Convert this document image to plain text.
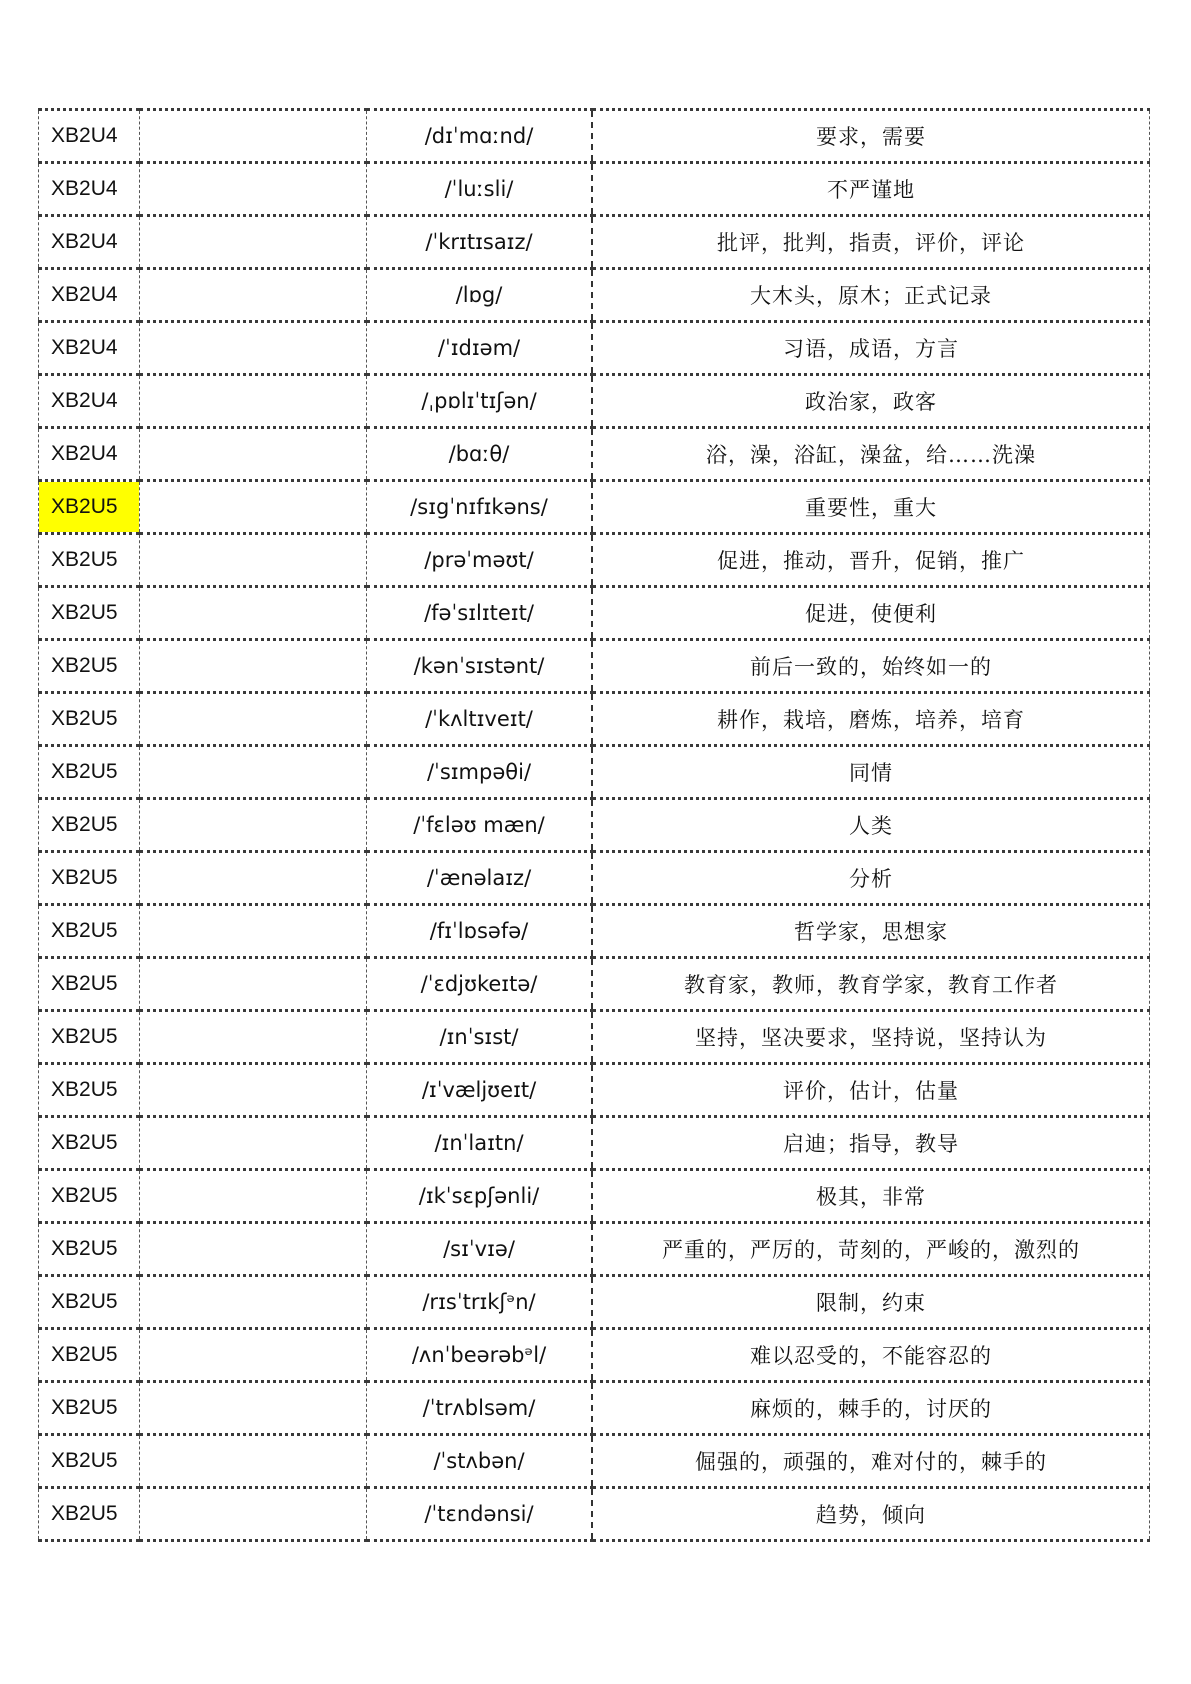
XB2U4		/dɪˈmɑːnd/	要求，需要
XB2U4		/ˈluːsli/	不严谨地
XB2U4		/ˈkrɪtɪsaɪz/	批评，批判，指责，评价，评论
XB2U4		/lɒg/	大木头，原木；正式记录
XB2U4		/ˈɪdɪəm/	习语，成语，方言
XB2U4		/ˌpɒlɪˈtɪʃən/	政治家，政客
XB2U4		/bɑːθ/	浴，澡，浴缸，澡盆，给……洗澡
XB2U5		/sɪgˈnɪfɪkəns/	重要性，重大
XB2U5		/prəˈməʊt/	促进，推动，晋升，促销，推广
XB2U5		/fəˈsɪlɪteɪt/	促进，使便利
XB2U5		/kənˈsɪstənt/	前后一致的，始终如一的
XB2U5		/ˈkʌltɪveɪt/	耕作，栽培，磨炼，培养，培育
XB2U5		/ˈsɪmpəθi/	同情
XB2U5		/ˈfɛləʊ mæn/	人类
XB2U5		/ˈænəlaɪz/	分析
XB2U5		/fɪˈlɒsəfə/	哲学家，思想家
XB2U5		/ˈɛdjʊkeɪtə/	教育家，教师，教育学家，教育工作者
XB2U5		/ɪnˈsɪst/	坚持，坚决要求，坚持说，坚持认为
XB2U5		/ɪˈvæljʊeɪt/	评价，估计，估量
XB2U5		/ɪnˈlaɪtn/	启迪；指导，教导
XB2U5		/ɪkˈsɛpʃənli/	极其，非常
XB2U5		/sɪˈvɪə/	严重的，严厉的，苛刻的，严峻的，激烈的
XB2U5		/rɪsˈtrɪkʃᵊn/	限制，约束
XB2U5		/ʌnˈbeərəbᵊl/	难以忍受的，不能容忍的
XB2U5		/ˈtrʌblsəm/	麻烦的，棘手的，讨厌的
XB2U5		/ˈstʌbən/	倔强的，顽强的，难对付的，棘手的
XB2U5		/ˈtɛndənsi/	趋势，倾向
